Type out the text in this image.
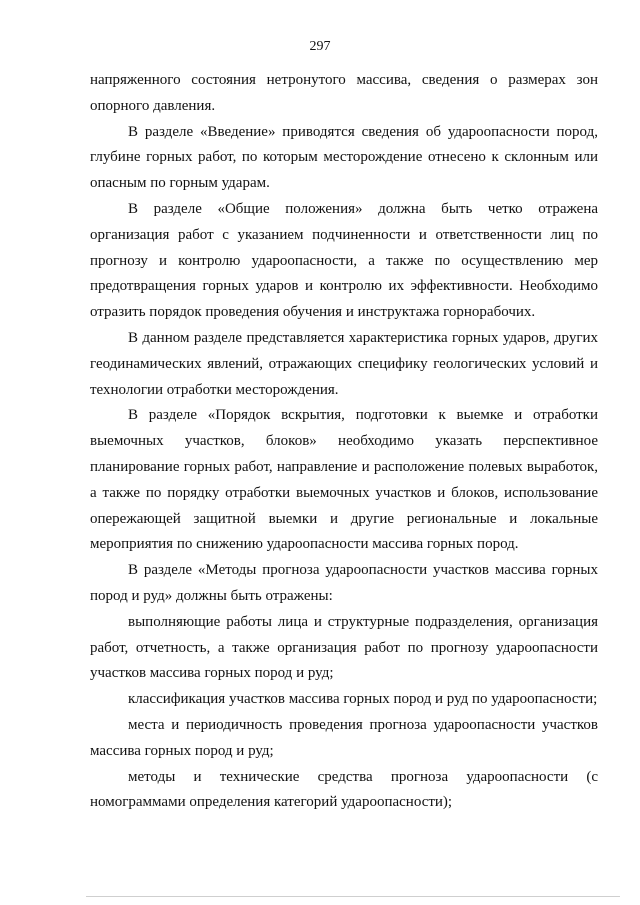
297

напряженного состояния нетронутого массива, сведения о размерах зон опорного давления.

В разделе «Введение» приводятся сведения об удароопасности пород, глубине горных работ, по которым месторождение отнесено к склонным или опасным по горным ударам.

В разделе «Общие положения» должна быть четко отражена организация работ с указанием подчиненности и ответственности лиц по прогнозу и контролю удароопасности, а также по осуществлению мер предотвращения горных ударов и контролю их эффективности. Необходимо отразить порядок проведения обучения и инструктажа горнорабочих.

В данном разделе представляется характеристика горных ударов, других геодинамических явлений, отражающих специфику геологических условий и технологии отработки месторождения.

В разделе «Порядок вскрытия, подготовки к выемке и отработки выемочных участков, блоков» необходимо указать перспективное планирование горных работ, направление и расположение полевых выработок, а также по порядку отработки выемочных участков и блоков, использование опережающей защитной выемки и другие региональные и локальные мероприятия по снижению удароопасности массива горных пород.

В разделе «Методы прогноза удароопасности участков массива горных пород и руд» должны быть отражены:

выполняющие работы лица и структурные подразделения, организация работ, отчетность, а также организация работ по прогнозу удароопасности участков массива горных пород и руд;

классификация участков массива горных пород и руд по удароопасности;

места и периодичность проведения прогноза удароопасности участков массива горных пород и руд;

методы и технические средства прогноза удароопасности (с номограммами определения категорий удароопасности);
